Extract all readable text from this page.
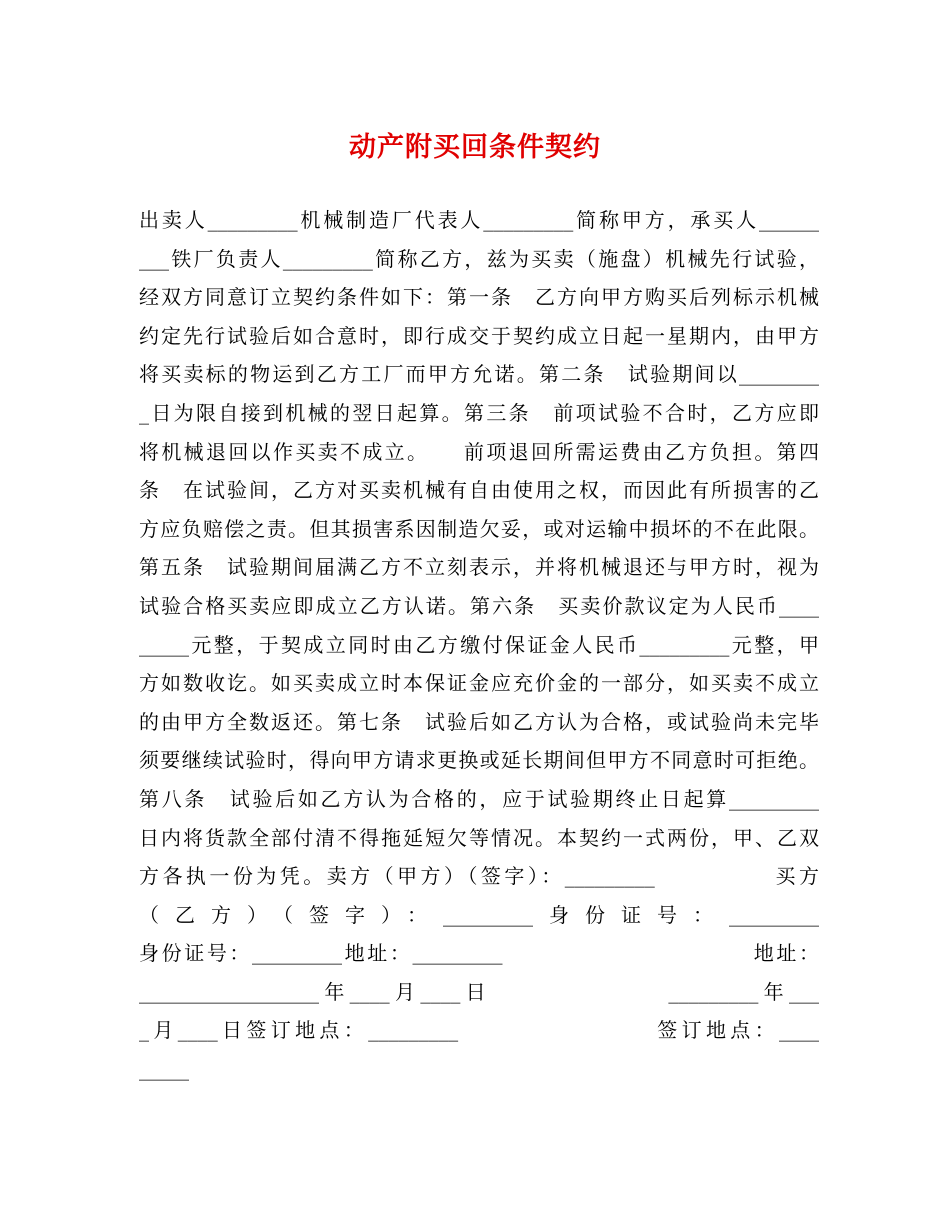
动产附买回条件契约
出卖人_________机械制造厂代表人_________简称甲方，承买人______
___铁厂负责人_________简称乙方，兹为买卖（施盘）机械先行试验，
经双方同意订立契约条件如下：第一条　乙方向甲方购买后列标示机械
约定先行试验后如合意时，即行成交于契约成立日起一星期内，由甲方
将买卖标的物运到乙方工厂而甲方允诺。第二条　试验期间以________
_日为限自接到机械的翌日起算。第三条　前项试验不合时，乙方应即
将机械退回以作买卖不成立。　　前项退回所需运费由乙方负担。第四
条　在试验间，乙方对买卖机械有自由使用之权，而因此有所损害的乙
方应负赔偿之责。但其损害系因制造欠妥，或对运输中损坏的不在此限。
第五条　试验期间届满乙方不立刻表示，并将机械退还与甲方时，视为
试验合格买卖应即成立乙方认诺。第六条　买卖价款议定为人民币____
_____元整，于契成立同时由乙方缴付保证金人民币_________元整，甲
方如数收讫。如买卖成立时本保证金应充价金的一部分，如买卖不成立
的由甲方全数返还。第七条　试验后如乙方认为合格，或试验尚未完毕
须要继续试验时，得向甲方请求更换或延长期间但甲方不同意时可拒绝。
第八条　试验后如乙方认为合格的，应于试验期终止日起算_________
日内将货款全部付清不得拖延短欠等情况。本契约一式两份，甲、乙双
方各执一份为凭。卖方（甲方）（签字）：_________　　　　　买方
（乙方）（签字）：_________身份证号：_________
身份证号：_________地址：_________　　　　　　　　　　　地址：
__________________年____月____日　　　　　　　_________年___
_月____日签订地点：_________　　　　　　　　签订地点：____
_____
